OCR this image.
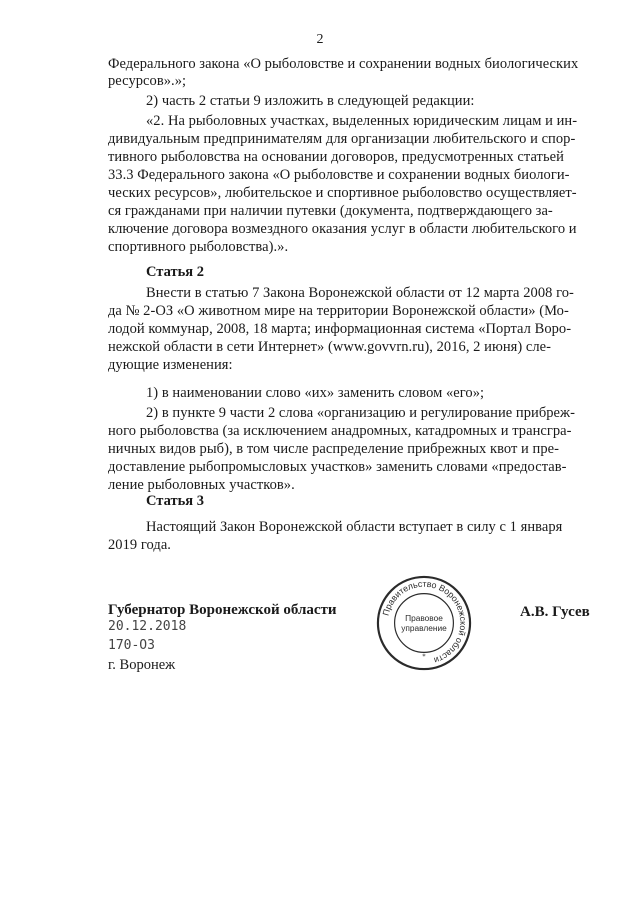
2
Федерального закона «О рыболовстве и сохранении водных биологических
ресурсов».»;
2) часть 2 статьи 9 изложить в следующей редакции:
«2. На рыболовных участках, выделенных юридическим лицам и ин-
дивидуальным предпринимателям для организации любительского и спор-
тивного рыболовства на основании договоров, предусмотренных статьей
33.3 Федерального закона «О рыболовстве и сохранении водных биологи-
ческих ресурсов», любительское и спортивное рыболовство осуществляет-
ся гражданами при наличии путевки (документа, подтверждающего за-
ключение договора возмездного оказания услуг в области любительского и
спортивного рыболовства).».
Статья 2
Внести в статью 7 Закона Воронежской области от 12 марта 2008 го-
да № 2-ОЗ «О животном мире на территории Воронежской области» (Мо-
лодой коммунар, 2008, 18 марта; информационная система «Портал Воро-
нежской области в сети Интернет» (www.govvrn.ru), 2016, 2 июня) сле-
дующие изменения:
1) в наименовании слово «их» заменить словом «его»;
2) в пункте 9 части 2 слова «организацию и регулирование прибреж-
ного рыболовства (за исключением анадромных, катадромных и трансгра-
ничных видов рыб), в том числе распределение прибрежных квот и пре-
доставление рыбопромысловых участков» заменить словами «предостав-
ление рыболовных участков».
Статья 3
Настоящий Закон Воронежской области вступает в силу с 1 января
2019 года.
Губернатор Воронежской области	А.В. Гусев
20.12.2018
170-ОЗ
г. Воронеж
Правительство Воронежской области
Правовое
управление
*
